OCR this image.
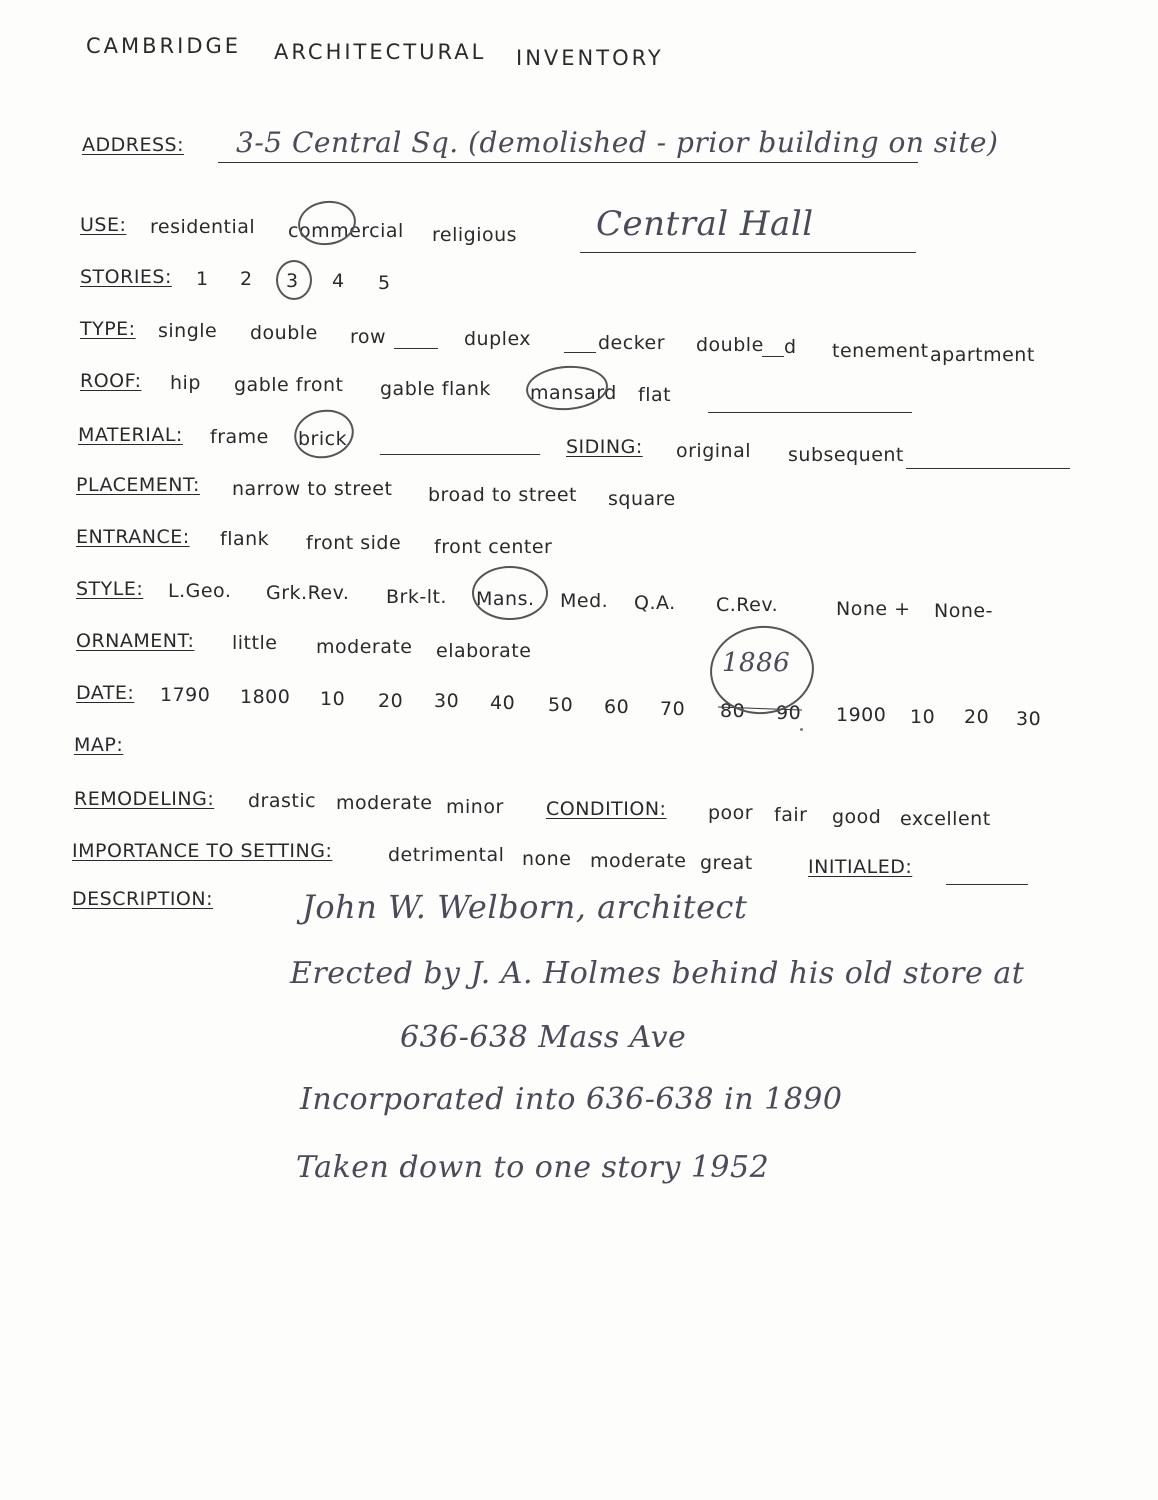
CAMBRIDGE ARCHITECTURAL INVENTORY
ADDRESS: 3-5 Central Sq. (demolished - prior building on site)
USE: residential commercial religious Central Hall
STORIES: 1 2 3 4 5
TYPE: single double row	duplex	decker double d tenement apartment
ROOF: hip gable front gable flank mansard flat
MATERIAL: frame brick	SIDING: original subsequent
PLACEMENT: narrow to street broad to street square
ENTRANCE: flank front side front center
STYLE: L.Geo. Grk.Rev. Brk-lt. Mans. Med. Q.A. C.Rev.	None + None-
ORNAMENT: little moderate elaborate
DATE: 1790 1800 10 20 30 40 50 60 70 80 90
1886
1900 10 20 30
MAP:
REMODELING: drastic moderate minor CONDITION: poor fair good excellent
IMPORTANCE TO SETTING:	detrimental none moderate great	INITIALED:
DESCRIPTION:	John W. Welborn, architect
Erected by J. A. Holmes behind his old store at
636-638 Mass Ave
Incorporated into 636-638 in 1890
Taken down to one story 1952
